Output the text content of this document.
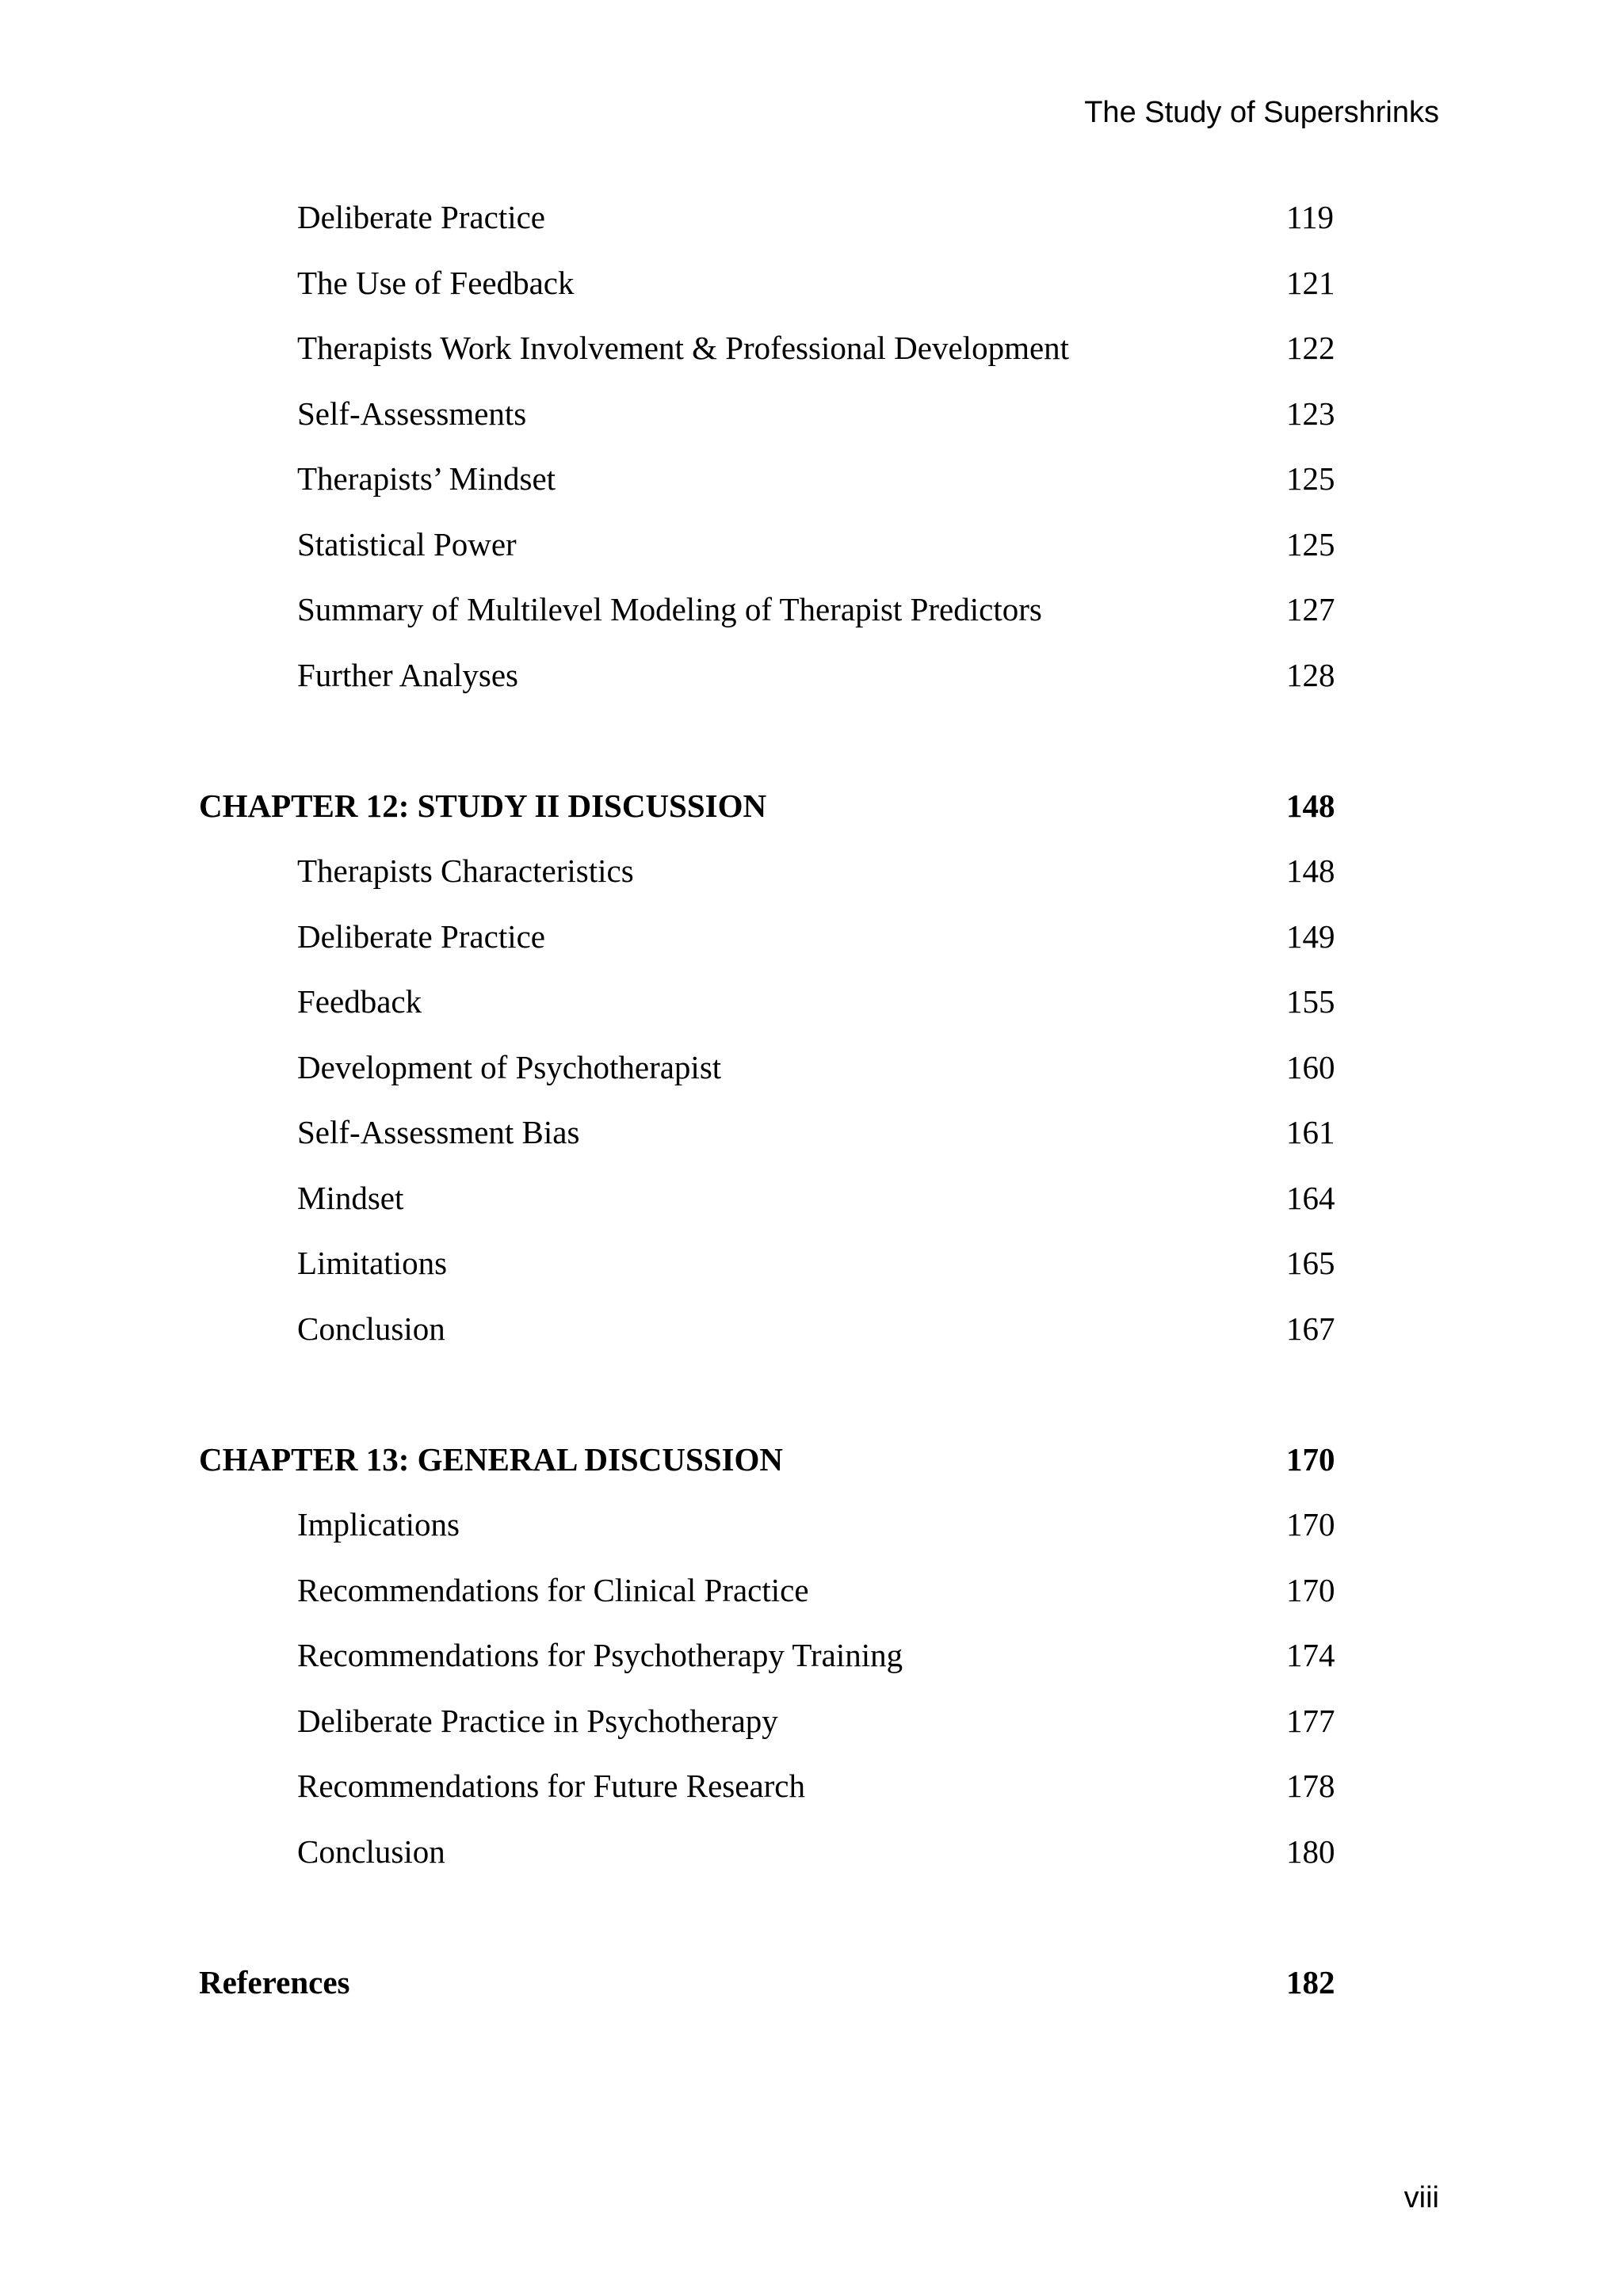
The Study of Supershrinks
Deliberate Practice	119
The Use of Feedback	121
Therapists Work Involvement & Professional Development	122
Self-Assessments	123
Therapists’ Mindset	125
Statistical Power	125
Summary of Multilevel Modeling of Therapist Predictors	127
Further Analyses	128
CHAPTER 12: STUDY II DISCUSSION	148
Therapists Characteristics	148
Deliberate Practice	149
Feedback	155
Development of Psychotherapist	160
Self-Assessment Bias	161
Mindset	164
Limitations	165
Conclusion	167
CHAPTER 13: GENERAL DISCUSSION	170
Implications	170
Recommendations for Clinical Practice	170
Recommendations for Psychotherapy Training	174
Deliberate Practice in Psychotherapy	177
Recommendations for Future Research	178
Conclusion	180
References	182
viii
